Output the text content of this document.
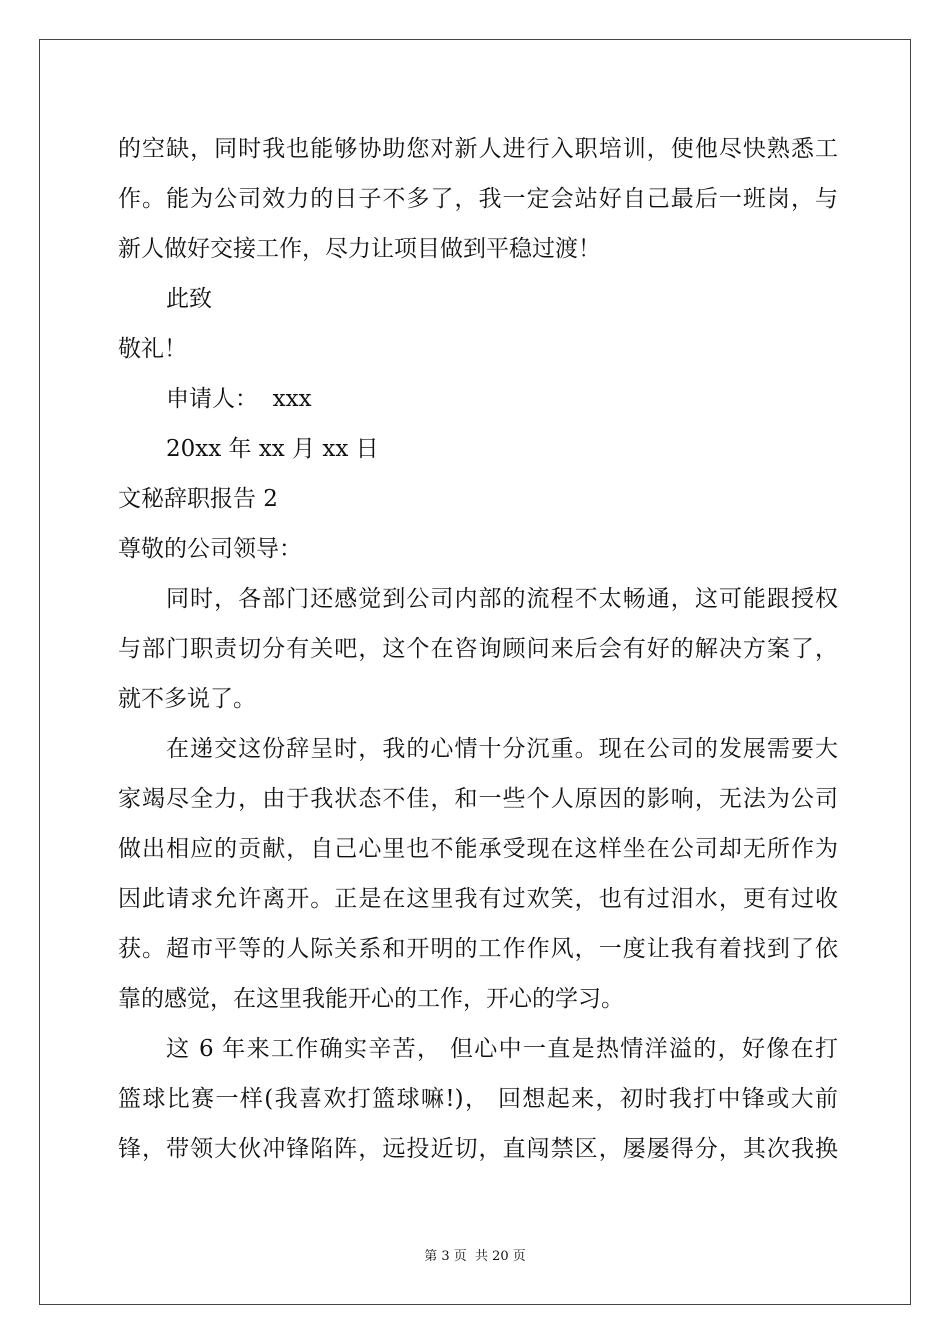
的空缺，同时我也能够协助您对新人进行入职培训，使他尽快熟悉工

作。能为公司效力的日子不多了，我一定会站好自己最后一班岗，与

新人做好交接工作，尽力让项目做到平稳过渡！

此致

敬礼！

申请人：  xxx

20xx 年 xx 月 xx 日

文秘辞职报告 2

尊敬的公司领导：

同时，各部门还感觉到公司内部的流程不太畅通，这可能跟授权

与部门职责切分有关吧，这个在咨询顾问来后会有好的解决方案了，

就不多说了。

在递交这份辞呈时，我的心情十分沉重。现在公司的发展需要大

家竭尽全力，由于我状态不佳，和一些个人原因的影响，无法为公司

做出相应的贡献，自己心里也不能承受现在这样坐在公司却无所作为

因此请求允许离开。正是在这里我有过欢笑，也有过泪水，更有过收

获。超市平等的人际关系和开明的工作作风，一度让我有着找到了依

靠的感觉，在这里我能开心的工作，开心的学习。

这 6 年来工作确实辛苦， 但心中一直是热情洋溢的，好像在打

篮球比赛一样(我喜欢打篮球嘛!)， 回想起来，初时我打中锋或大前

锋，带领大伙冲锋陷阵，远投近切，直闯禁区，屡屡得分，其次我换

第 3 页 共 20 页
